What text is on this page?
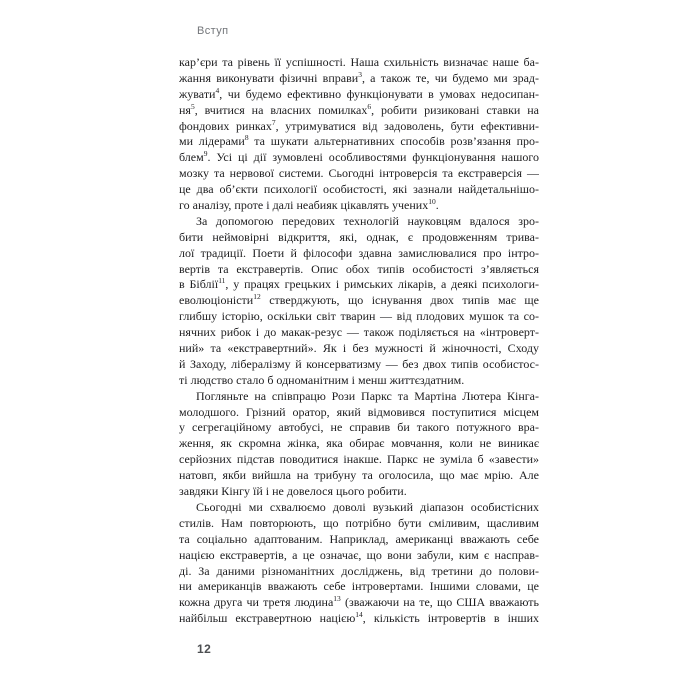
Вступ
кар’єри та рівень її успішності. Наша схильність визначає наше ба-
жання виконувати фізичні вправи$^3$, а також те, чи будемо ми зрад-
жувати$^4$, чи будемо ефективно функціонувати в умовах недосипан-
ня$^5$, вчитися на власних помилках$^6$, робити ризиковані ставки на
фондових ринках$^7$, утримуватися від задоволень, бути ефективни-
ми лідерами$^8$ та шукати альтернативних способів розв’язання про-
блем$^9$. Усі ці дії зумовлені особливостями функціонування нашого
мозку та нервової системи. Сьогодні інтроверсія та екстраверсія —
це два об’єкти психології особистості, які зазнали найдетальнішо-
го аналізу, проте і далі неабияк цікавлять учених$^{10}$.
За допомогою передових технологій науковцям вдалося зро-
бити неймовірні відкриття, які, однак, є продовженням трива-
лої традиції. Поети й філософи здавна замислювалися про інтро-
вертів та екстравертів. Опис обох типів особистості з’являється
в Біблії$^{11}$, у працях грецьких і римських лікарів, а деякі психологи-
еволюціоністи$^{12}$ стверджують, що існування двох типів має ще
глибшу історію, оскільки світ тварин — від плодових мушок та со-
нячних рибок і до макак-резус — також поділяється на «інтроверт-
ний» та «екстравертний». Як і без мужності й жіночності, Сходу
й Заходу, лібералізму й консерватизму — без двох типів особистос-
ті людство стало б одноманітним і менш життєздатним.
Погляньте на співпрацю Рози Паркс та Мартіна Лютера Кінга-
молодшого. Грізний оратор, який відмовився поступитися місцем
у сегрегаційному автобусі, не справив би такого потужного вра-
ження, як скромна жінка, яка обирає мовчання, коли не виникає
серйозних підстав поводитися інакше. Паркс не зуміла б «завести»
натовп, якби вийшла на трибуну та оголосила, що має мрію. Але
завдяки Кінгу їй і не довелося цього робити.
Сьогодні ми схвалюємо доволі вузький діапазон особистісних
стилів. Нам повторюють, що потрібно бути сміливим, щасливим
та соціально адаптованим. Наприклад, американці вважають себе
нацією екстравертів, а це означає, що вони забули, ким є насправ-
ді. За даними різноманітних досліджень, від третини до полови-
ни американців вважають себе інтровертами. Іншими словами, це
кожна друга чи третя людина$^{13}$ (зважаючи на те, що США вважають
найбільш екстравертною нацією$^{14}$, кількість інтровертів в інших
12
